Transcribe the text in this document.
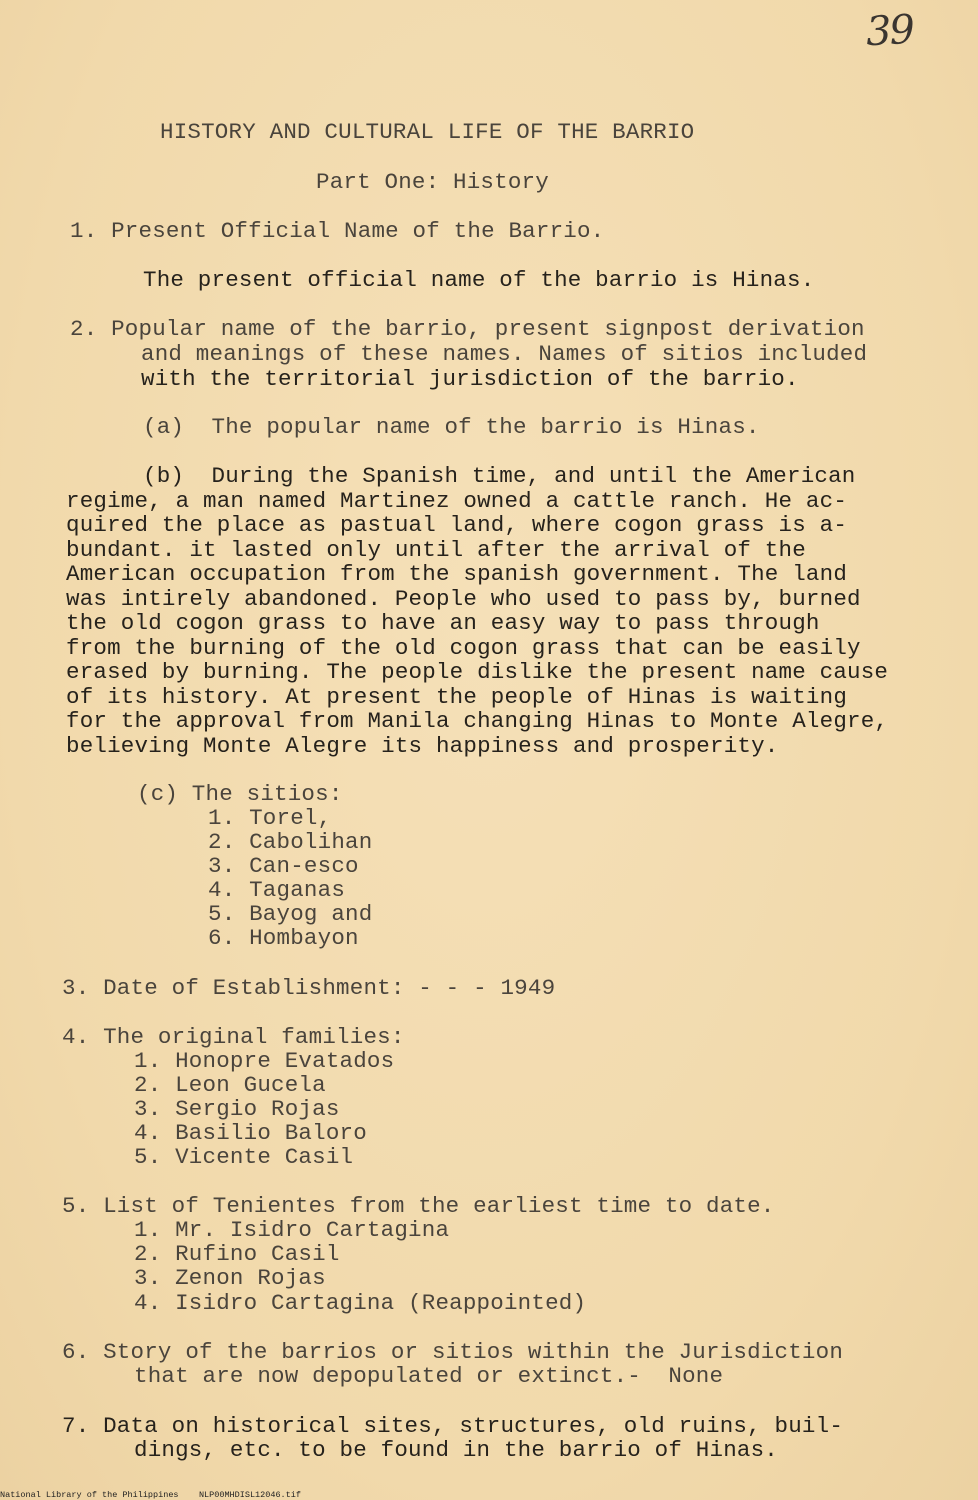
39
HISTORY AND CULTURAL LIFE OF THE BARRIO
Part One: History
1. Present Official Name of the Barrio.
The present official name of the barrio is Hinas.
2. Popular name of the barrio, present signpost derivation
and meanings of these names. Names of sitios included
with the territorial jurisdiction of the barrio.
(a)  The popular name of the barrio is Hinas.
(b)  During the Spanish time, and until the American
regime, a man named Martinez owned a cattle ranch. He ac-
quired the place as pastual land, where cogon grass is a-
bundant. it lasted only until after the arrival of the
American occupation from the spanish government. The land
was intirely abandoned. People who used to pass by, burned
the old cogon grass to have an easy way to pass through
from the burning of the old cogon grass that can be easily
erased by burning. The people dislike the present name cause
of its history. At present the people of Hinas is waiting
for the approval from Manila changing Hinas to Monte Alegre,
believing Monte Alegre its happiness and prosperity.
(c) The sitios:
1. Torel,
2. Cabolihan
3. Can-esco
4. Taganas
5. Bayog and
6. Hombayon
3. Date of Establishment: - - - 1949
4. The original families:
1. Honopre Evatados
2. Leon Gucela
3. Sergio Rojas
4. Basilio Baloro
5. Vicente Casil
5. List of Tenientes from the earliest time to date.
1. Mr. Isidro Cartagina
2. Rufino Casil
3. Zenon Rojas
4. Isidro Cartagina (Reappointed)
6. Story of the barrios or sitios within the Jurisdiction
that are now depopulated or extinct.-  None
7. Data on historical sites, structures, old ruins, buil-
dings, etc. to be found in the barrio of Hinas.
National Library of the Philippines NLP00MHDISL12046.tif
